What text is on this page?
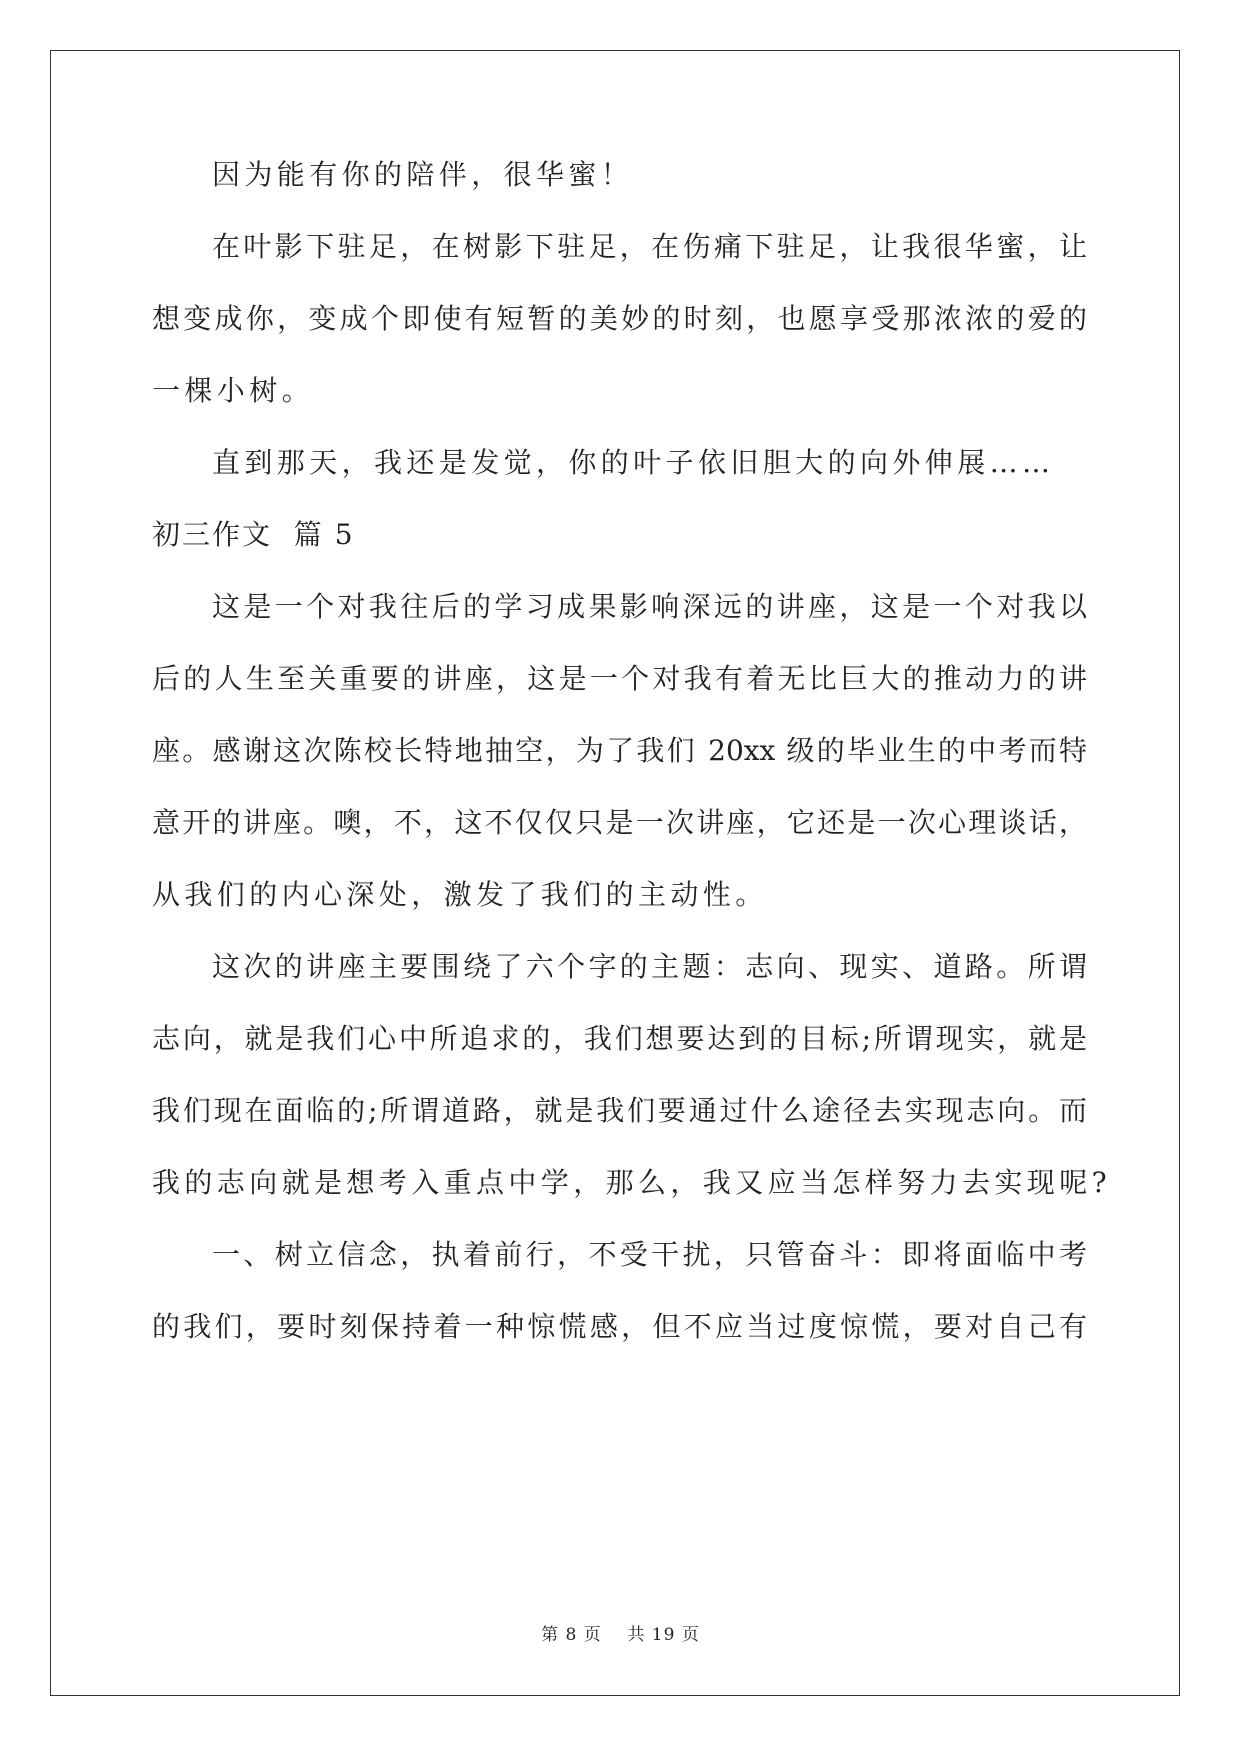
因为能有你的陪伴，很华蜜！
在叶影下驻足，在树影下驻足，在伤痛下驻足，让我很华蜜，让
想变成你，变成个即使有短暂的美妙的时刻，也愿享受那浓浓的爱的
一棵小树。
直到那天，我还是发觉，你的叶子依旧胆大的向外伸展……
初三作文  篇 5
这是一个对我往后的学习成果影响深远的讲座，这是一个对我以
后的人生至关重要的讲座，这是一个对我有着无比巨大的推动力的讲
座。感谢这次陈校长特地抽空，为了我们 20xx 级的毕业生的中考而特
意开的讲座。噢，不，这不仅仅只是一次讲座，它还是一次心理谈话，
从我们的内心深处，激发了我们的主动性。
这次的讲座主要围绕了六个字的主题：志向、现实、道路。所谓
志向，就是我们心中所追求的，我们想要达到的目标;所谓现实，就是
我们现在面临的;所谓道路，就是我们要通过什么途径去实现志向。而
我的志向就是想考入重点中学，那么，我又应当怎样努力去实现呢?
一、树立信念，执着前行，不受干扰，只管奋斗：即将面临中考
的我们，要时刻保持着一种惊慌感，但不应当过度惊慌，要对自己有
第 8 页    共 19 页
